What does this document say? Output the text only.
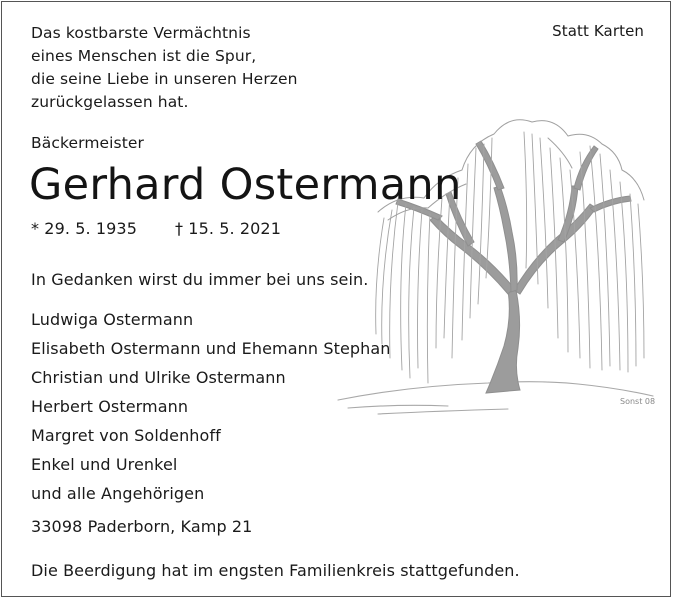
Sonst 08
Das kostbarste Vermächtnis
eines Menschen ist die Spur,
die seine Liebe in unseren Herzen
zurückgelassen hat.
Statt Karten
Bäckermeister
Gerhard Ostermann
* 29. 5. 1935 † 15. 5. 2021
In Gedanken wirst du immer bei uns sein.
Ludwiga Ostermann
Elisabeth Ostermann und Ehemann Stephan
Christian und Ulrike Ostermann
Herbert Ostermann
Margret von Soldenhoff
Enkel und Urenkel
und alle Angehörigen
33098 Paderborn, Kamp 21
Die Beerdigung hat im engsten Familienkreis stattgefunden.
